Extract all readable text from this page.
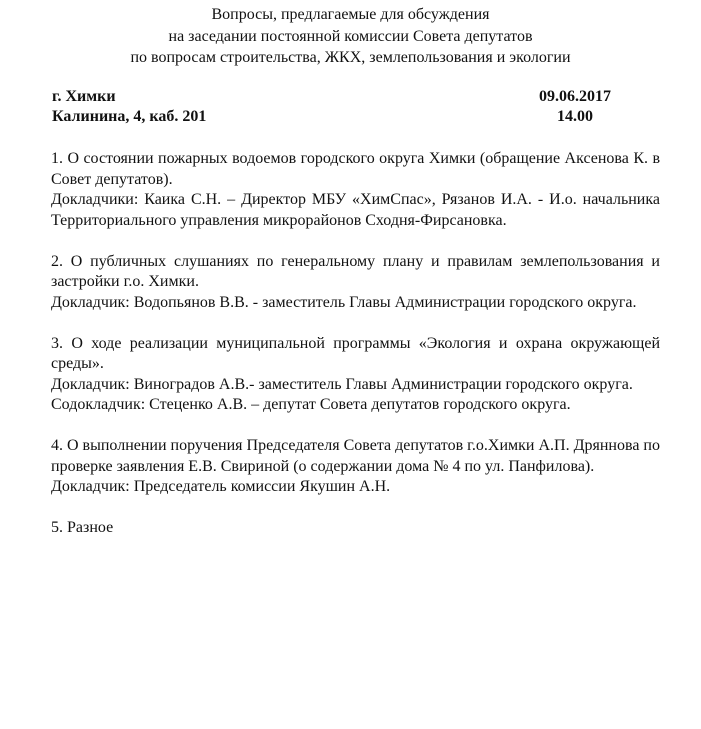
Вопросы, предлагаемые для обсуждения
на заседании постоянной комиссии Совета депутатов
по вопросам строительства, ЖКХ, землепользования и экологии
г. Химки	09.06.2017
Калинина, 4, каб. 201	14.00

1. О состоянии пожарных водоемов городского округа Химки (обращение Аксенова К. в Совет депутатов).

Докладчики: Каика С.Н. – Директор МБУ «ХимСпас», Рязанов И.А. - И.о. начальника Территориального управления микрорайонов Сходня-Фирсановка.

2. О публичных слушаниях по генеральному плану и правилам землепользования и застройки г.о. Химки.

Докладчик: Водопьянов В.В. - заместитель Главы Администрации городского округа.

3. О ходе реализации муниципальной программы «Экология и охрана окружающей среды».

Докладчик: Виноградов А.В.- заместитель Главы Администрации городского округа.

Содокладчик: Стеценко А.В. – депутат Совета депутатов городского округа.

4. О выполнении поручения Председателя Совета депутатов г.о.Химки А.П. Дряннова по проверке заявления Е.В. Свириной (о содержании дома № 4 по ул. Панфилова).

Докладчик: Председатель комиссии Якушин А.Н.

5. Разное
